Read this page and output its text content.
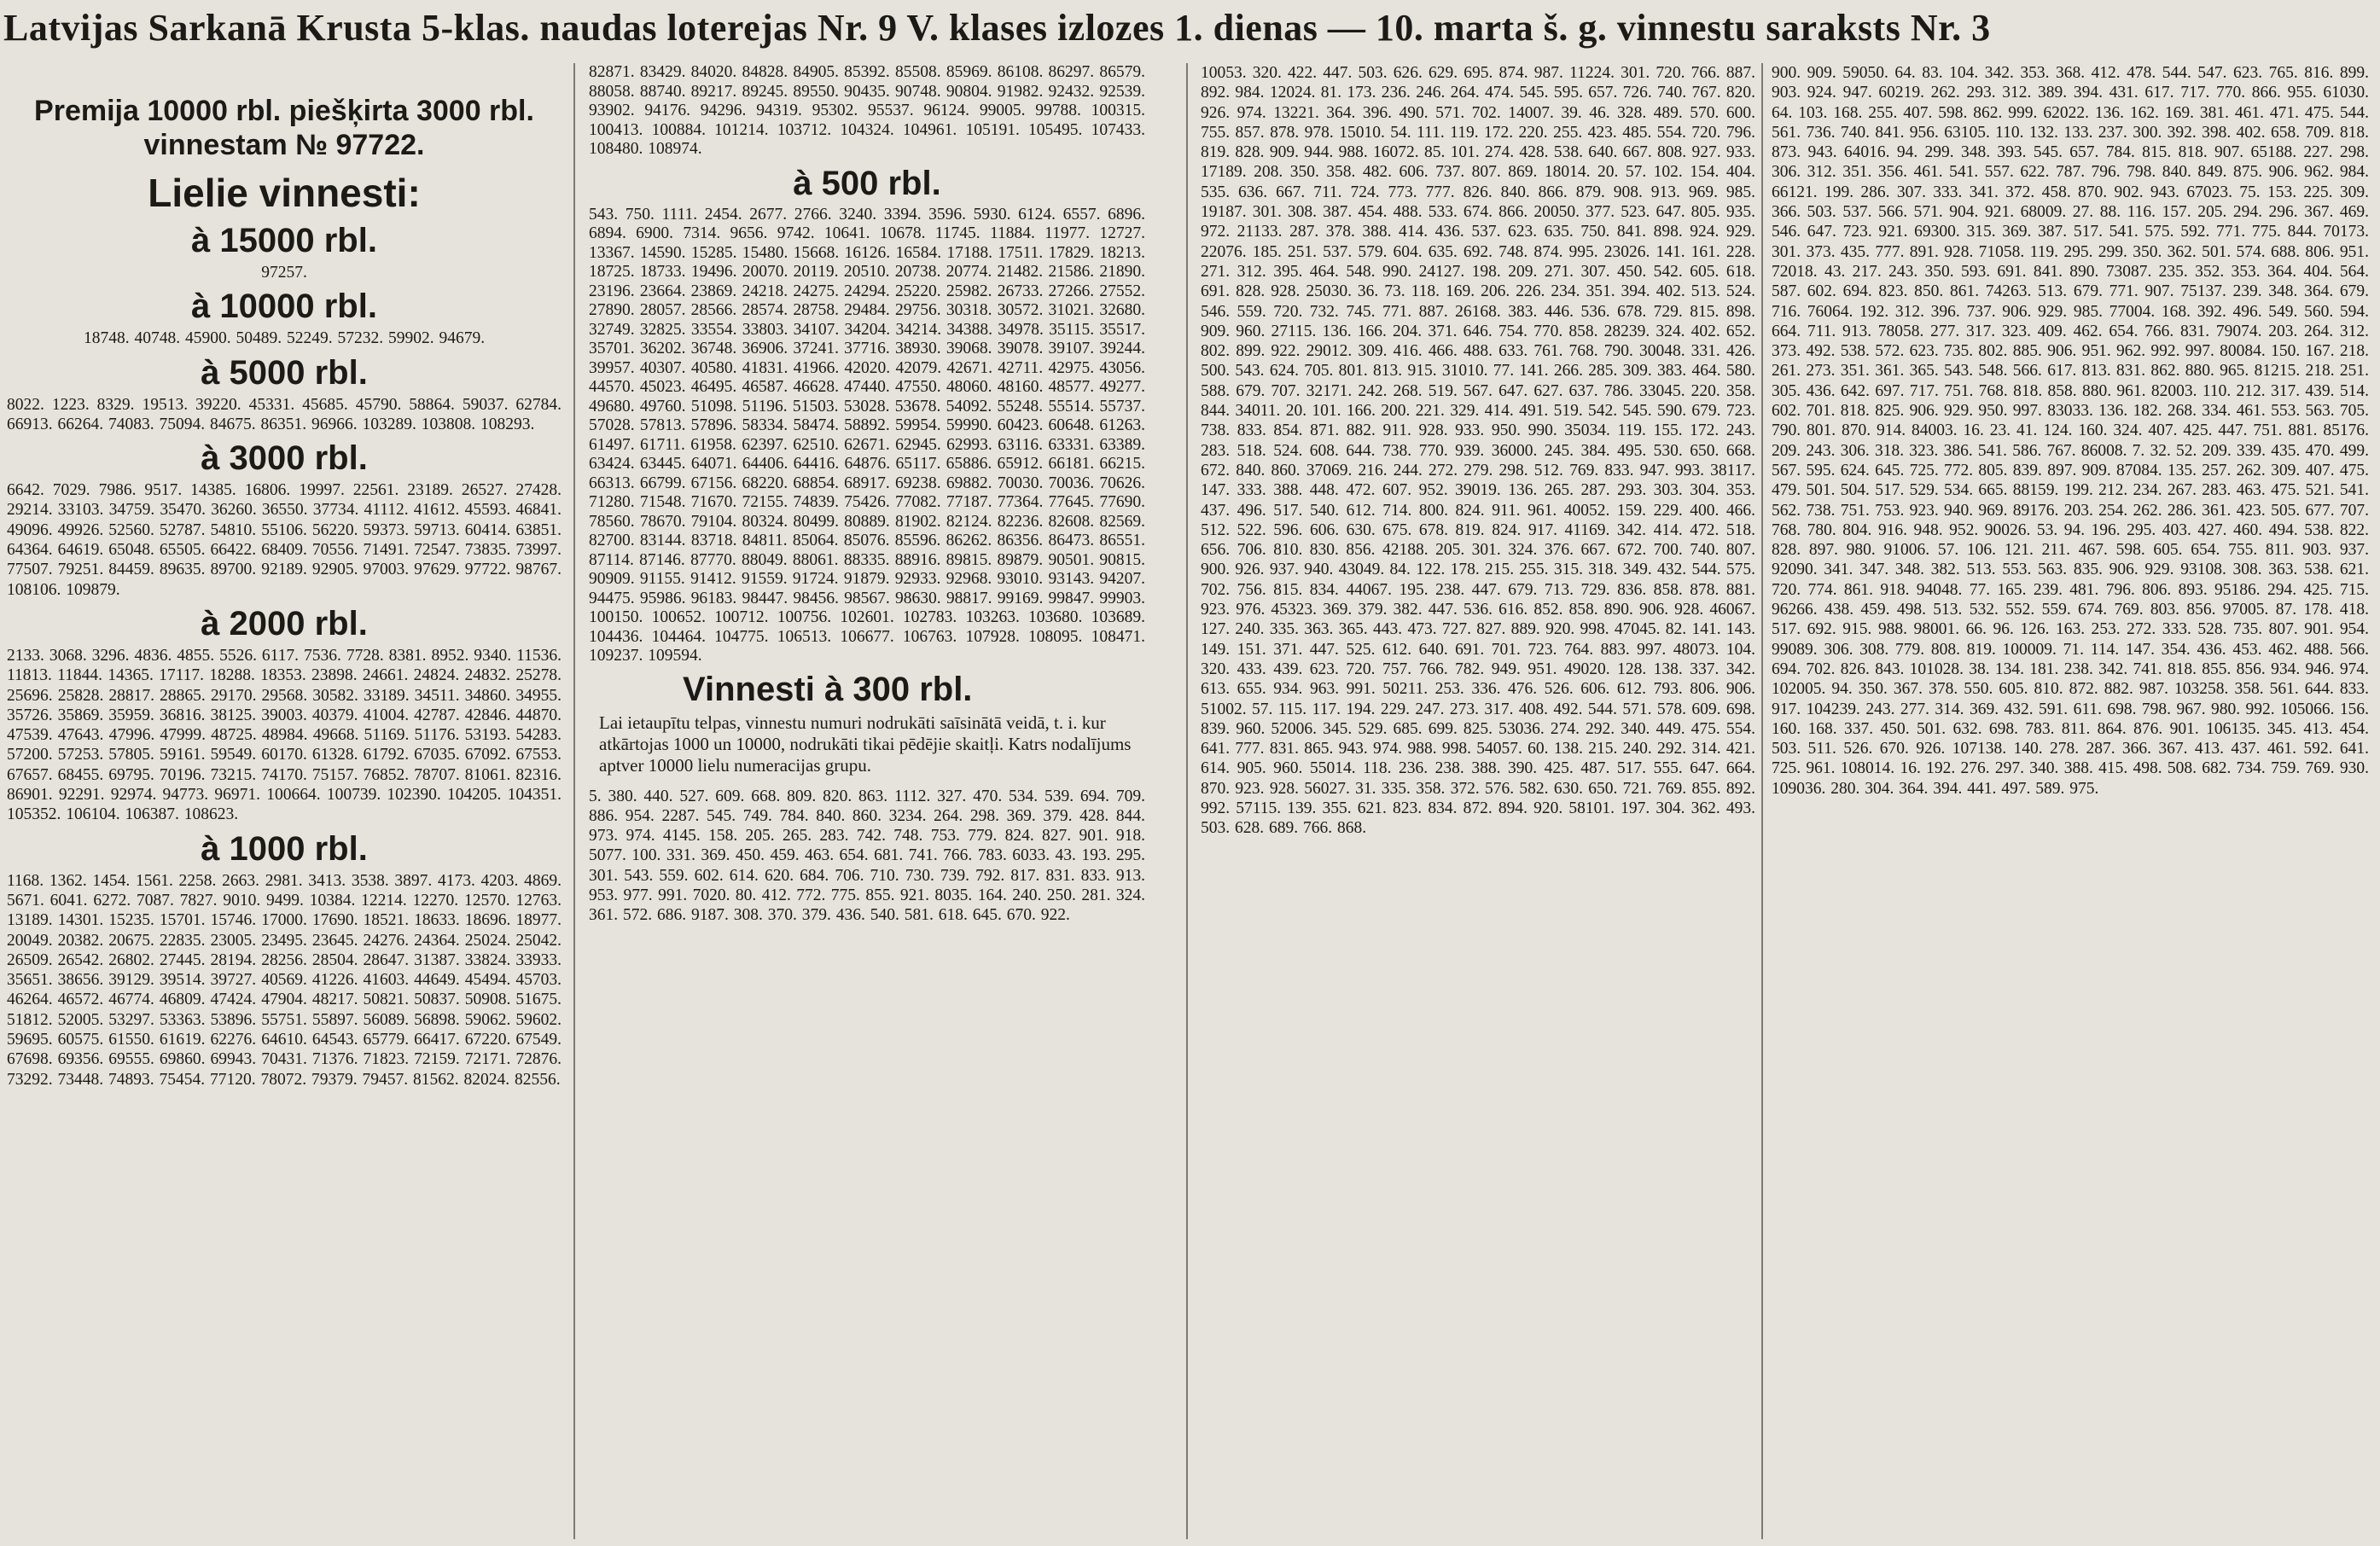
Latvijas Sarkanā Krusta 5-klas. naudas loterejas Nr. 9 V. klases izlozes 1. dienas — 10. marta š. g. vinnestu saraksts Nr. 3
Premija 10000 rbl. piešķirta 3000 rbl. vinnestam № 97722.
Lielie vinnesti:
à 15000 rbl.
97257.
à 10000 rbl.
18748. 40748. 45900. 50489. 52249. 57232. 59902. 94679.
à 5000 rbl.
8022. 1223. 8329. 19513. 39220. 45331. 45685. 45790. 58864. 59037. 62784. 66913. 66264. 74083. 75094. 84675. 86351. 96966. 103289. 103808. 108293.
à 3000 rbl.
6642. 7029. 7986. 9517. 14385. 16806. 19997. 22561. 23189. 26527. 27428. 29214. 33103. 34759. 35470. 36260. 36550. 37734. 41112. 41612. 45593. 46841. 49096. 49926. 52560. 52787. 54810. 55106. 56220. 59373. 59713. 60414. 63851. 64364. 64619. 65048. 65505. 66422. 68409. 70556. 71491. 72547. 73835. 73997. 77507. 79251. 84459. 89635. 89700. 92189. 92905. 97003. 97629. 97722. 98767. 108106. 109879.
à 2000 rbl.
2133. 3068. 3296. 4836. 4855. 5526. 6117. 7536. 7728. 8381. 8952. 9340. 11536. 11813. 11844. 14365. 17117. 18288. 18353. 23898. 24661. 24824. 24832. 25278. 25696. 25828. 28817. 28865. 29170. 29568. 30582. 33189. 34511. 34860. 34955. 35726. 35869. 35959. 36816. 38125. 39003. 40379. 41004. 42787. 42846. 44870. 47539. 47643. 47996. 47999. 48725. 48984. 49668. 51169. 51176. 53193. 54283. 57200. 57253. 57805. 59161. 59549. 60170. 61328. 61792. 67035. 67092. 67553. 67657. 68455. 69795. 70196. 73215. 74170. 75157. 76852. 78707. 81061. 82316. 86901. 92291. 92974. 94773. 96971. 100664. 100739. 102390. 104205. 104351. 105352. 106104. 106387. 108623.
à 1000 rbl.
1168. 1362. 1454. 1561. 2258. 2663. 2981. 3413. 3538. 3897. 4173. 4203. 4869. 5671. 6041. 6272. 7087. 7827. 9010. 9499. 10384. 12214. 12270. 12570. 12763. 13189. 14301. 15235. 15701. 15746. 17000. 17690. 18521. 18633. 18696. 18977. 20049. 20382. 20675. 22835. 23005. 23495. 23645. 24276. 24364. 25024. 25042. 26509. 26542. 26802. 27445. 28194. 28256. 28504. 28647. 31387. 33824. 33933. 35651. 38656. 39129. 39514. 39727. 40569. 41226. 41603. 44649. 45494. 45703. 46264. 46572. 46774. 46809. 47424. 47904. 48217. 50821. 50837. 50908. 51675. 51812. 52005. 53297. 53363. 53896. 55751. 55897. 56089. 56898. 59062. 59602. 59695. 60575. 61550. 61619. 62276. 64610. 64543. 65779. 66417. 67220. 67549. 67698. 69356. 69555. 69860. 69943. 70431. 71376. 71823. 72159. 72171. 72876. 73292. 73448. 74893. 75454. 77120. 78072. 79379. 79457. 81562. 82024. 82556.
82871. 83429. 84020. 84828. 84905. 85392. 85508. 85969. 86108. 86297. 86579. 88058. 88740. 89217. 89245. 89550. 90435. 90748. 90804. 91982. 92432. 92539. 93902. 94176. 94296. 94319. 95302. 95537. 96124. 99005. 99788. 100315. 100413. 100884. 101214. 103712. 104324. 104961. 105191. 105495. 107433. 108480. 108974.
à 500 rbl.
543. 750. 1111. 2454. 2677. 2766. 3240. 3394. 3596. 5930. 6124. 6557. 6896. 6894. 6900. 7314. 9656. 9742. 10641. 10678. 11745. 11884. 11977. 12727. 13367. 14590. 15285. 15480. 15668. 16126. 16584. 17188. 17511. 17829. 18213. 18725. 18733. 19496. 20070. 20119. 20510. 20738. 20774. 21482. 21586. 21890. 23196. 23664. 23869. 24218. 24275. 24294. 25220. 25982. 26733. 27266. 27552. 27890. 28057. 28566. 28574. 28758. 29484. 29756. 30318. 30572. 31021. 32680. 32749. 32825. 33554. 33803. 34107. 34204. 34214. 34388. 34978. 35115. 35517. 35701. 36202. 36748. 36906. 37241. 37716. 38930. 39068. 39078. 39107. 39244. 39957. 40307. 40580. 41831. 41966. 42020. 42079. 42671. 42711. 42975. 43056. 44570. 45023. 46495. 46587. 46628. 47440. 47550. 48060. 48160. 48577. 49277. 49680. 49760. 51098. 51196. 51503. 53028. 53678. 54092. 55248. 55514. 55737. 57028. 57813. 57896. 58334. 58474. 58892. 59954. 59990. 60423. 60648. 61263. 61497. 61711. 61958. 62397. 62510. 62671. 62945. 62993. 63116. 63331. 63389. 63424. 63445. 64071. 64406. 64416. 64876. 65117. 65886. 65912. 66181. 66215. 66313. 66799. 67156. 68220. 68854. 68917. 69238. 69882. 70030. 70036. 70626. 71280. 71548. 71670. 72155. 74839. 75426. 77082. 77187. 77364. 77645. 77690. 78560. 78670. 79104. 80324. 80499. 80889. 81902. 82124. 82236. 82608. 82569. 82700. 83144. 83718. 84811. 85064. 85076. 85596. 86262. 86356. 86473. 86551. 87114. 87146. 87770. 88049. 88061. 88335. 88916. 89815. 89879. 90501. 90815. 90909. 91155. 91412. 91559. 91724. 91879. 92933. 92968. 93010. 93143. 94207. 94475. 95986. 96183. 98447. 98456. 98567. 98630. 98817. 99169. 99847. 99903. 100150. 100652. 100712. 100756. 102601. 102783. 103263. 103680. 103689. 104436. 104464. 104775. 106513. 106677. 106763. 107928. 108095. 108471. 109237. 109594.
Vinnesti à 300 rbl.
Lai ietaupītu telpas, vinnestu numuri nodrukāti saīsinātā veidā, t. i. kur atkārtojas 1000 un 10000, nodrukāti tikai pēdējie skaitļi. Katrs nodalījums aptver 10000 lielu numeracijas grupu.
5. 380. 440. 527. 609. 668. 809. 820. 863. 1112. 327. 470. 534. 539. 694. 709. 886. 954. 2287. 545. 749. 784. 840. 860. 3234. 264. 298. 369. 379. 428. 844. 973. 974. 4145. 158. 205. 265. 283. 742. 748. 753. 779. 824. 827. 901. 918. 5077. 100. 331. 369. 450. 459. 463. 654. 681. 741. 766. 783. 6033. 43. 193. 295. 301. 543. 559. 602. 614. 620. 684. 706. 710. 730. 739. 792. 817. 831. 833. 913. 953. 977. 991. 7020. 80. 412. 772. 775. 855. 921. 8035. 164. 240. 250. 281. 324. 361. 572. 686. 9187. 308. 370. 379. 436. 540. 581. 618. 645. 670. 922.
10053. 320. 422. 447. 503. 626. 629. 695. 874. 987. 11224. 301. 720. 766. 887. 892. 984. 12024. 81. 173. 236. 246. 264. 474. 545. 595. 657. 726. 740. 767. 820. 926. 974. 13221. 364. 396. 490. 571. 702. 14007. 39. 46. 328. 489. 570. 600. 755. 857. 878. 978. 15010. 54. 111. 119. 172. 220. 255. 423. 485. 554. 720. 796. 819. 828. 909. 944. 988. 16072. 85. 101. 274. 428. 538. 640. 667. 808. 927. 933. 17189. 208. 350. 358. 482. 606. 737. 807. 869. 18014. 20. 57. 102. 154. 404. 535. 636. 667. 711. 724. 773. 777. 826. 840. 866. 879. 908. 913. 969. 985. 19187. 301. 308. 387. 454. 488. 533. 674. 866. 20050. 377. 523. 647. 805. 935. 972. 21133. 287. 378. 388. 414. 436. 537. 623. 635. 750. 841. 898. 924. 929. 22076. 185. 251. 537. 579. 604. 635. 692. 748. 874. 995. 23026. 141. 161. 228. 271. 312. 395. 464. 548. 990. 24127. 198. 209. 271. 307. 450. 542. 605. 618. 691. 828. 928. 25030. 36. 73. 118. 169. 206. 226. 234. 351. 394. 402. 513. 524. 546. 559. 720. 732. 745. 771. 887. 26168. 383. 446. 536. 678. 729. 815. 898. 909. 960. 27115. 136. 166. 204. 371. 646. 754. 770. 858. 28239. 324. 402. 652. 802. 899. 922. 29012. 309. 416. 466. 488. 633. 761. 768. 790. 30048. 331. 426. 500. 543. 624. 705. 801. 813. 915. 31010. 77. 141. 266. 285. 309. 383. 464. 580. 588. 679. 707. 32171. 242. 268. 519. 567. 647. 627. 637. 786. 33045. 220. 358. 844. 34011. 20. 101. 166. 200. 221. 329. 414. 491. 519. 542. 545. 590. 679. 723. 738. 833. 854. 871. 882. 911. 928. 933. 950. 990. 35034. 119. 155. 172. 243. 283. 518. 524. 608. 644. 738. 770. 939. 36000. 245. 384. 495. 530. 650. 668. 672. 840. 860. 37069. 216. 244. 272. 279. 298. 512. 769. 833. 947. 993. 38117. 147. 333. 388. 448. 472. 607. 952. 39019. 136. 265. 287. 293. 303. 304. 353. 437. 496. 517. 540. 612. 714. 800. 824. 911. 961. 40052. 159. 229. 400. 466. 512. 522. 596. 606. 630. 675. 678. 819. 824. 917. 41169. 342. 414. 472. 518. 656. 706. 810. 830. 856. 42188. 205. 301. 324. 376. 667. 672. 700. 740. 807. 900. 926. 937. 940. 43049. 84. 122. 178. 215. 255. 315. 318. 349. 432. 544. 575. 702. 756. 815. 834. 44067. 195. 238. 447. 679. 713. 729. 836. 858. 878. 881. 923. 976. 45323. 369. 379. 382. 447. 536. 616. 852. 858. 890. 906. 928. 46067. 127. 240. 335. 363. 365. 443. 473. 727. 827. 889. 920. 998. 47045. 82. 141. 143. 149. 151. 371. 447. 525. 612. 640. 691. 701. 723. 764. 883. 997. 48073. 104. 320. 433. 439. 623. 720. 757. 766. 782. 949. 951. 49020. 128. 138. 337. 342. 613. 655. 934. 963. 991. 50211. 253. 336. 476. 526. 606. 612. 793. 806. 906. 51002. 57. 115. 117. 194. 229. 247. 273. 317. 408. 492. 544. 571. 578. 609. 698. 839. 960. 52006. 345. 529. 685. 699. 825. 53036. 274. 292. 340. 449. 475. 554. 641. 777. 831. 865. 943. 974. 988. 998. 54057. 60. 138. 215. 240. 292. 314. 421. 614. 905. 960. 55014. 118. 236. 238. 388. 390. 425. 487. 517. 555. 647. 664. 870. 923. 928. 56027. 31. 335. 358. 372. 576. 582. 630. 650. 721. 769. 855. 892. 992. 57115. 139. 355. 621. 823. 834. 872. 894. 920. 58101. 197. 304. 362. 493. 503. 628. 689. 766. 868.
900. 909. 59050. 64. 83. 104. 342. 353. 368. 412. 478. 544. 547. 623. 765. 816. 899. 903. 924. 947. 60219. 262. 293. 312. 389. 394. 431. 617. 717. 770. 866. 955. 61030. 64. 103. 168. 255. 407. 598. 862. 999. 62022. 136. 162. 169. 381. 461. 471. 475. 544. 561. 736. 740. 841. 956. 63105. 110. 132. 133. 237. 300. 392. 398. 402. 658. 709. 818. 873. 943. 64016. 94. 299. 348. 393. 545. 657. 784. 815. 818. 907. 65188. 227. 298. 306. 312. 351. 356. 461. 541. 557. 622. 787. 796. 798. 840. 849. 875. 906. 962. 984. 66121. 199. 286. 307. 333. 341. 372. 458. 870. 902. 943. 67023. 75. 153. 225. 309. 366. 503. 537. 566. 571. 904. 921. 68009. 27. 88. 116. 157. 205. 294. 296. 367. 469. 546. 647. 723. 921. 69300. 315. 369. 387. 517. 541. 575. 592. 771. 775. 844. 70173. 301. 373. 435. 777. 891. 928. 71058. 119. 295. 299. 350. 362. 501. 574. 688. 806. 951. 72018. 43. 217. 243. 350. 593. 691. 841. 890. 73087. 235. 352. 353. 364. 404. 564. 587. 602. 694. 823. 850. 861. 74263. 513. 679. 771. 907. 75137. 239. 348. 364. 679. 716. 76064. 192. 312. 396. 737. 906. 929. 985. 77004. 168. 392. 496. 549. 560. 594. 664. 711. 913. 78058. 277. 317. 323. 409. 462. 654. 766. 831. 79074. 203. 264. 312. 373. 492. 538. 572. 623. 735. 802. 885. 906. 951. 962. 992. 997. 80084. 150. 167. 218. 261. 273. 351. 361. 365. 543. 548. 566. 617. 813. 831. 862. 880. 965. 81215. 218. 251. 305. 436. 642. 697. 717. 751. 768. 818. 858. 880. 961. 82003. 110. 212. 317. 439. 514. 602. 701. 818. 825. 906. 929. 950. 997. 83033. 136. 182. 268. 334. 461. 553. 563. 705. 790. 801. 870. 914. 84003. 16. 23. 41. 124. 160. 324. 407. 425. 447. 751. 881. 85176. 209. 243. 306. 318. 323. 386. 541. 586. 767. 86008. 7. 32. 52. 209. 339. 435. 470. 499. 567. 595. 624. 645. 725. 772. 805. 839. 897. 909. 87084. 135. 257. 262. 309. 407. 475. 479. 501. 504. 517. 529. 534. 665. 88159. 199. 212. 234. 267. 283. 463. 475. 521. 541. 562. 738. 751. 753. 923. 940. 969. 89176. 203. 254. 262. 286. 361. 423. 505. 677. 707. 768. 780. 804. 916. 948. 952. 90026. 53. 94. 196. 295. 403. 427. 460. 494. 538. 822. 828. 897. 980. 91006. 57. 106. 121. 211. 467. 598. 605. 654. 755. 811. 903. 937. 92090. 341. 347. 348. 382. 513. 553. 563. 835. 906. 929. 93108. 308. 363. 538. 621. 720. 774. 861. 918. 94048. 77. 165. 239. 481. 796. 806. 893. 95186. 294. 425. 715. 96266. 438. 459. 498. 513. 532. 552. 559. 674. 769. 803. 856. 97005. 87. 178. 418. 517. 692. 915. 988. 98001. 66. 96. 126. 163. 253. 272. 333. 528. 735. 807. 901. 954. 99089. 306. 308. 779. 808. 819. 100009. 71. 114. 147. 354. 436. 453. 462. 488. 566. 694. 702. 826. 843. 101028. 38. 134. 181. 238. 342. 741. 818. 855. 856. 934. 946. 974. 102005. 94. 350. 367. 378. 550. 605. 810. 872. 882. 987. 103258. 358. 561. 644. 833. 917. 104239. 243. 277. 314. 369. 432. 591. 611. 698. 798. 967. 980. 992. 105066. 156. 160. 168. 337. 450. 501. 632. 698. 783. 811. 864. 876. 901. 106135. 345. 413. 454. 503. 511. 526. 670. 926. 107138. 140. 278. 287. 366. 367. 413. 437. 461. 592. 641. 725. 961. 108014. 16. 192. 276. 297. 340. 388. 415. 498. 508. 682. 734. 759. 769. 930. 109036. 280. 304. 364. 394. 441. 497. 589. 975.
